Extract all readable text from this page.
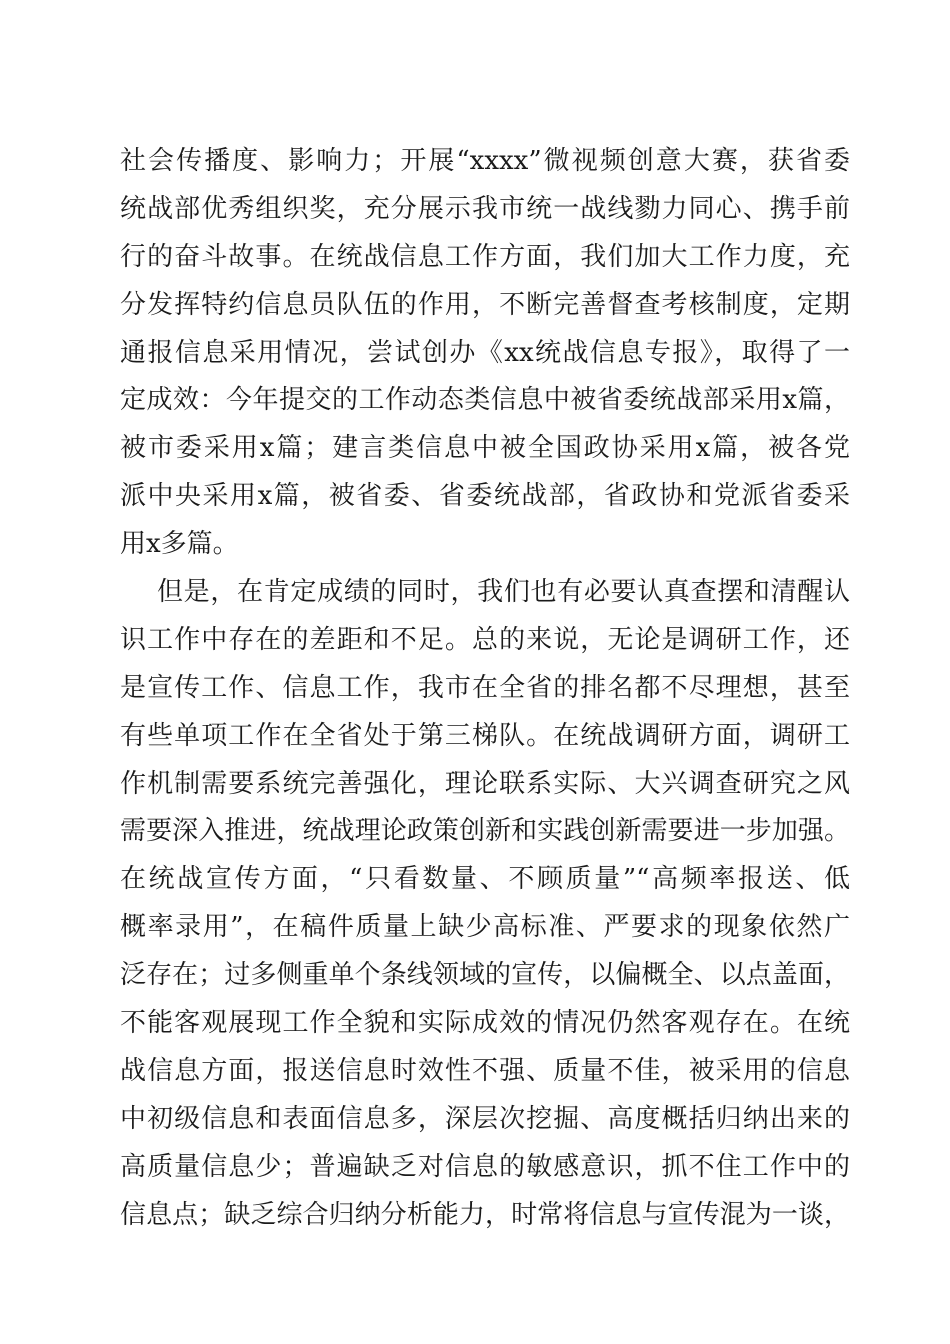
社会传播度、影响力；开展“xxxx”微视频创意大赛，获省委
统战部优秀组织奖，充分展示我市统一战线勠力同心、携手前
行的奋斗故事。在统战信息工作方面，我们加大工作力度，充
分发挥特约信息员队伍的作用，不断完善督查考核制度，定期
通报信息采用情况，尝试创办《xx统战信息专报》，取得了一
定成效：今年提交的工作动态类信息中被省委统战部采用x篇，
被市委采用x篇；建言类信息中被全国政协采用x篇，被各党
派中央采用x篇，被省委、省委统战部，省政协和党派省委采
用x多篇。
但是，在肯定成绩的同时，我们也有必要认真查摆和清醒认
识工作中存在的差距和不足。总的来说，无论是调研工作，还
是宣传工作、信息工作，我市在全省的排名都不尽理想，甚至
有些单项工作在全省处于第三梯队。在统战调研方面，调研工
作机制需要系统完善强化，理论联系实际、大兴调查研究之风
需要深入推进，统战理论政策创新和实践创新需要进一步加强。
在统战宣传方面，“只看数量、不顾质量”“高频率报送、低
概率录用”，在稿件质量上缺少高标准、严要求的现象依然广
泛存在；过多侧重单个条线领域的宣传，以偏概全、以点盖面，
不能客观展现工作全貌和实际成效的情况仍然客观存在。在统
战信息方面，报送信息时效性不强、质量不佳，被采用的信息
中初级信息和表面信息多，深层次挖掘、高度概括归纳出来的
高质量信息少；普遍缺乏对信息的敏感意识，抓不住工作中的
信息点；缺乏综合归纳分析能力，时常将信息与宣传混为一谈，
